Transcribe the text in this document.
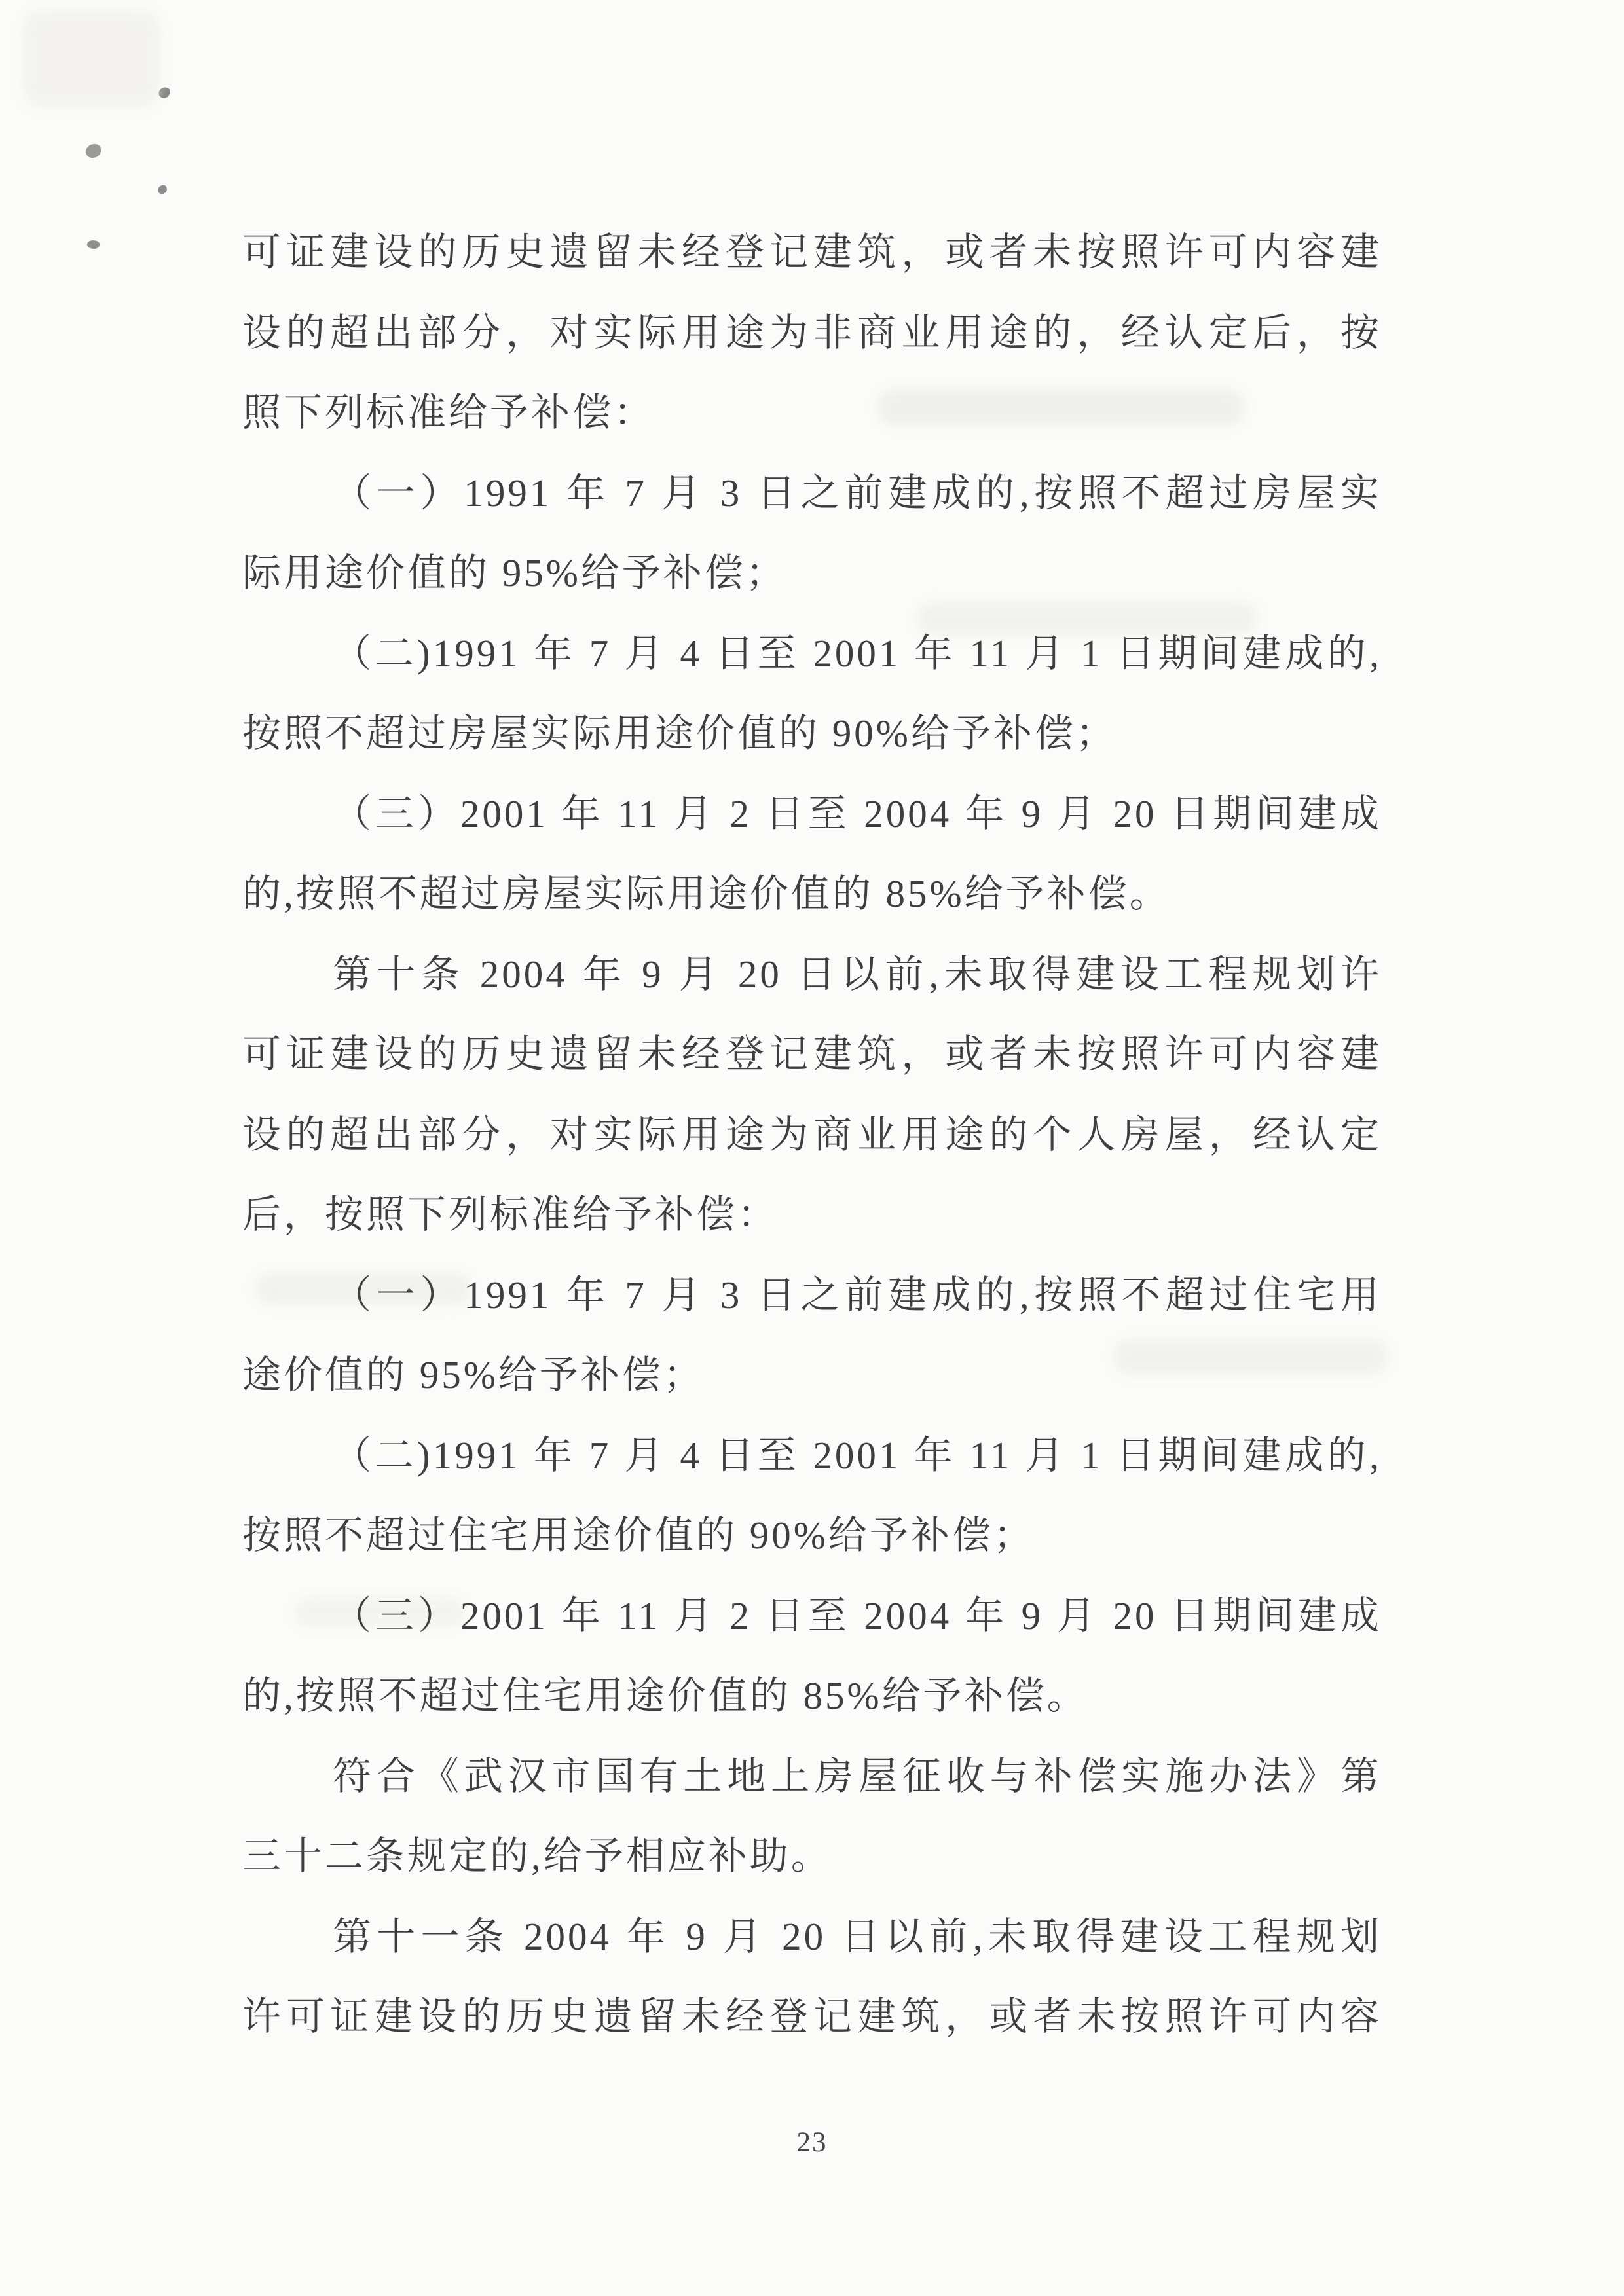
可证建设的历史遗留未经登记建筑，或者未按照许可内容建
设的超出部分，对实际用途为非商业用途的，经认定后，按
照下列标准给予补偿：
（一）1991 年 7 月 3 日之前建成的,按照不超过房屋实
际用途价值的 95%给予补偿；
（二)1991 年 7 月 4 日至 2001 年 11 月 1 日期间建成的,
按照不超过房屋实际用途价值的 90%给予补偿；
（三）2001 年 11 月 2 日至 2004 年 9 月 20 日期间建成
的,按照不超过房屋实际用途价值的 85%给予补偿。
第十条 2004 年 9 月 20 日以前,未取得建设工程规划许
可证建设的历史遗留未经登记建筑，或者未按照许可内容建
设的超出部分，对实际用途为商业用途的个人房屋，经认定
后，按照下列标准给予补偿：
（一）1991 年 7 月 3 日之前建成的,按照不超过住宅用
途价值的 95%给予补偿；
（二)1991 年 7 月 4 日至 2001 年 11 月 1 日期间建成的,
按照不超过住宅用途价值的 90%给予补偿；
（三）2001 年 11 月 2 日至 2004 年 9 月 20 日期间建成
的,按照不超过住宅用途价值的 85%给予补偿。
符合《武汉市国有土地上房屋征收与补偿实施办法》第
三十二条规定的,给予相应补助。
第十一条 2004 年 9 月 20 日以前,未取得建设工程规划
许可证建设的历史遗留未经登记建筑，或者未按照许可内容
23
